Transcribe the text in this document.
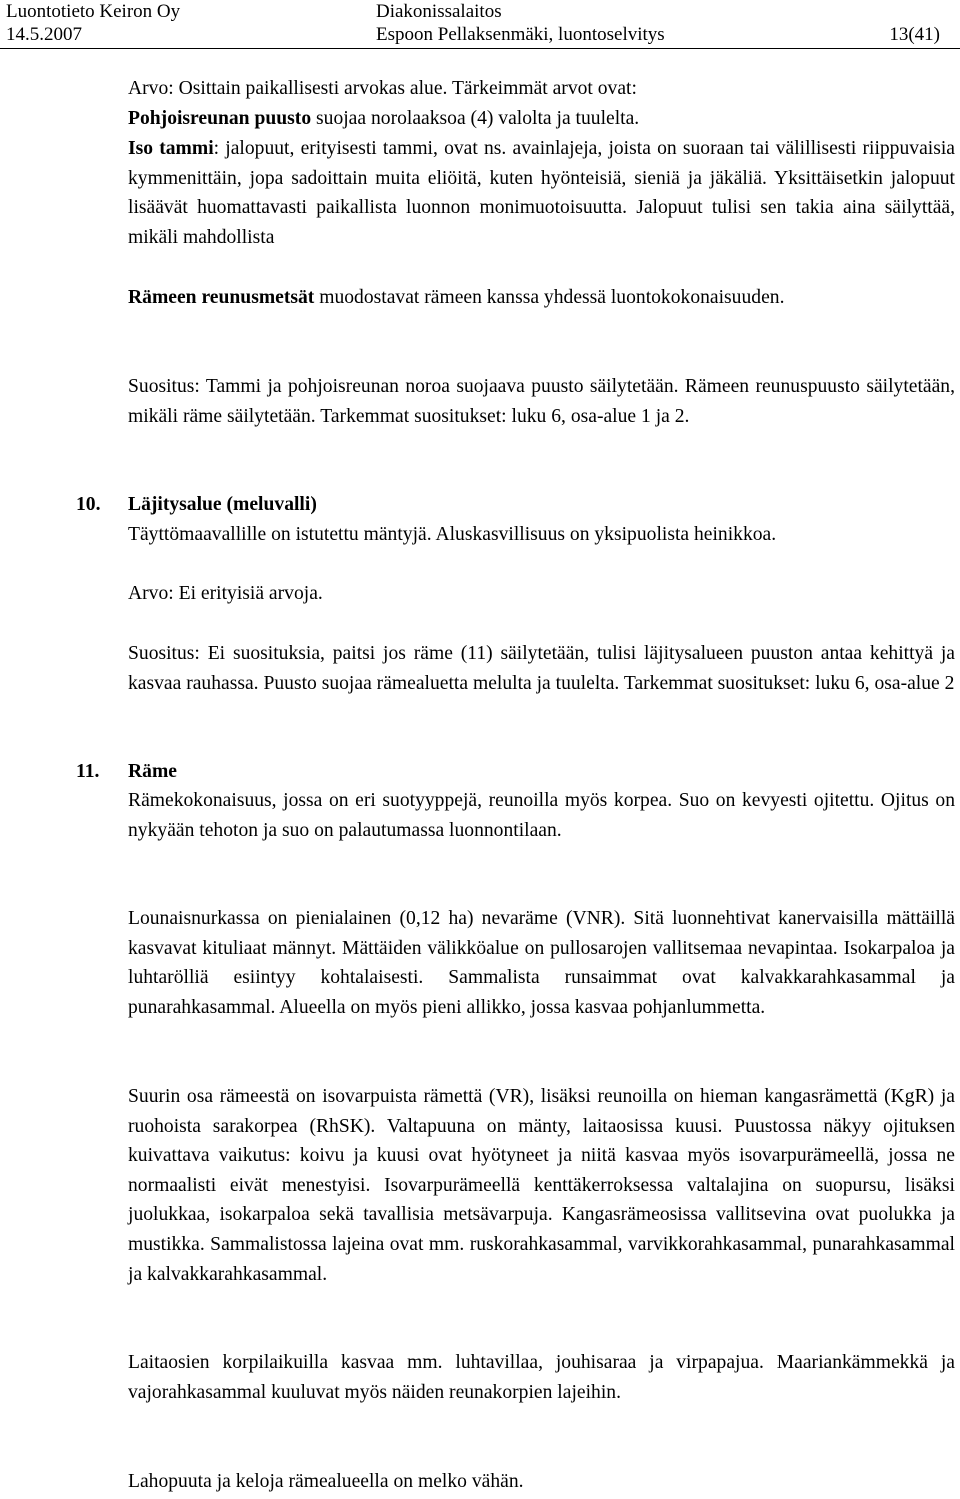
Luontotieto Keiron Oy	Diakonissalaitos
14.5.2007	Espoon Pellaksenmäki, luontoselvitys	13(41)

Arvo: Osittain paikallisesti arvokas alue. Tärkeimmät arvot ovat:

Pohjoisreunan puusto suojaa norolaaksoa (4) valolta ja tuulelta.

Iso tammi: jalopuut, erityisesti tammi, ovat ns. avainlajeja, joista on suoraan tai välillisesti riippuvaisia kymmenittäin, jopa sadoittain muita eliöitä, kuten hyönteisiä, sieniä ja jäkäliä. Yksittäisetkin jalopuut lisäävät huomattavasti paikallista luonnon monimuotoisuutta. Jalopuut tulisi sen takia aina säilyttää, mikäli mahdollista

Rämeen reunusmetsät muodostavat rämeen kanssa yhdessä luontokokonaisuuden.

Suositus: Tammi ja pohjoisreunan noroa suojaava puusto säilytetään. Rämeen reunuspuusto säilytetään, mikäli räme säilytetään. Tarkemmat suositukset: luku 6, osa-alue 1 ja 2.

10. Läjitysalue (meluvalli)

Täyttömaavallille on istutettu mäntyjä. Aluskasvillisuus on yksipuolista heinikkoa.

Arvo: Ei erityisiä arvoja.

Suositus: Ei suosituksia, paitsi jos räme (11) säilytetään, tulisi läjitysalueen puuston antaa kehittyä ja kasvaa rauhassa. Puusto suojaa rämealuetta melulta ja tuulelta. Tarkemmat suositukset: luku 6, osa-alue 2

11. Räme

Rämekokonaisuus, jossa on eri suotyyppejä, reunoilla myös korpea. Suo on kevyesti ojitettu. Ojitus on nykyään tehoton ja suo on palautumassa luonnontilaan.

Lounaisnurkassa on pienialainen (0,12 ha) nevaräme (VNR). Sitä luonnehtivat kanervaisilla mättäillä kasvavat kituliaat männyt. Mättäiden välikköalue on pullosarojen vallitsemaa nevapintaa. Isokarpaloa ja luhtarölliä esiintyy kohtalaisesti. Sammalista runsaimmat ovat kalvakkarahkasammal ja punarahkasammal. Alueella on myös pieni allikko, jossa kasvaa pohjanlummetta.

Suurin osa rämeestä on isovarpuista rämettä (VR), lisäksi reunoilla on hieman kangasrämettä (KgR) ja ruohoista sarakorpea (RhSK). Valtapuuna on mänty, laitaosissa kuusi. Puustossa näkyy ojituksen kuivattava vaikutus: koivu ja kuusi ovat hyötyneet ja niitä kasvaa myös isovarpurämeellä, jossa ne normaalisti eivät menestyisi. Isovarpurämeellä kenttäkerroksessa valtalajina on suopursu, lisäksi juolukkaa, isokarpaloa sekä tavallisia metsävarpuja. Kangasrämeosissa vallitsevina ovat puolukka ja mustikka. Sammalistossa lajeina ovat mm. ruskorahkasammal, varvikkorahkasammal, punarahkasammal ja kalvakkarahkasammal.

Laitaosien korpilaikuilla kasvaa mm. luhtavillaa, jouhisaraa ja virpapajua. Maariankämmekkä ja vajorahkasammal kuuluvat myös näiden reunakorpien lajeihin.

Lahopuuta ja keloja rämealueella on melko vähän.
